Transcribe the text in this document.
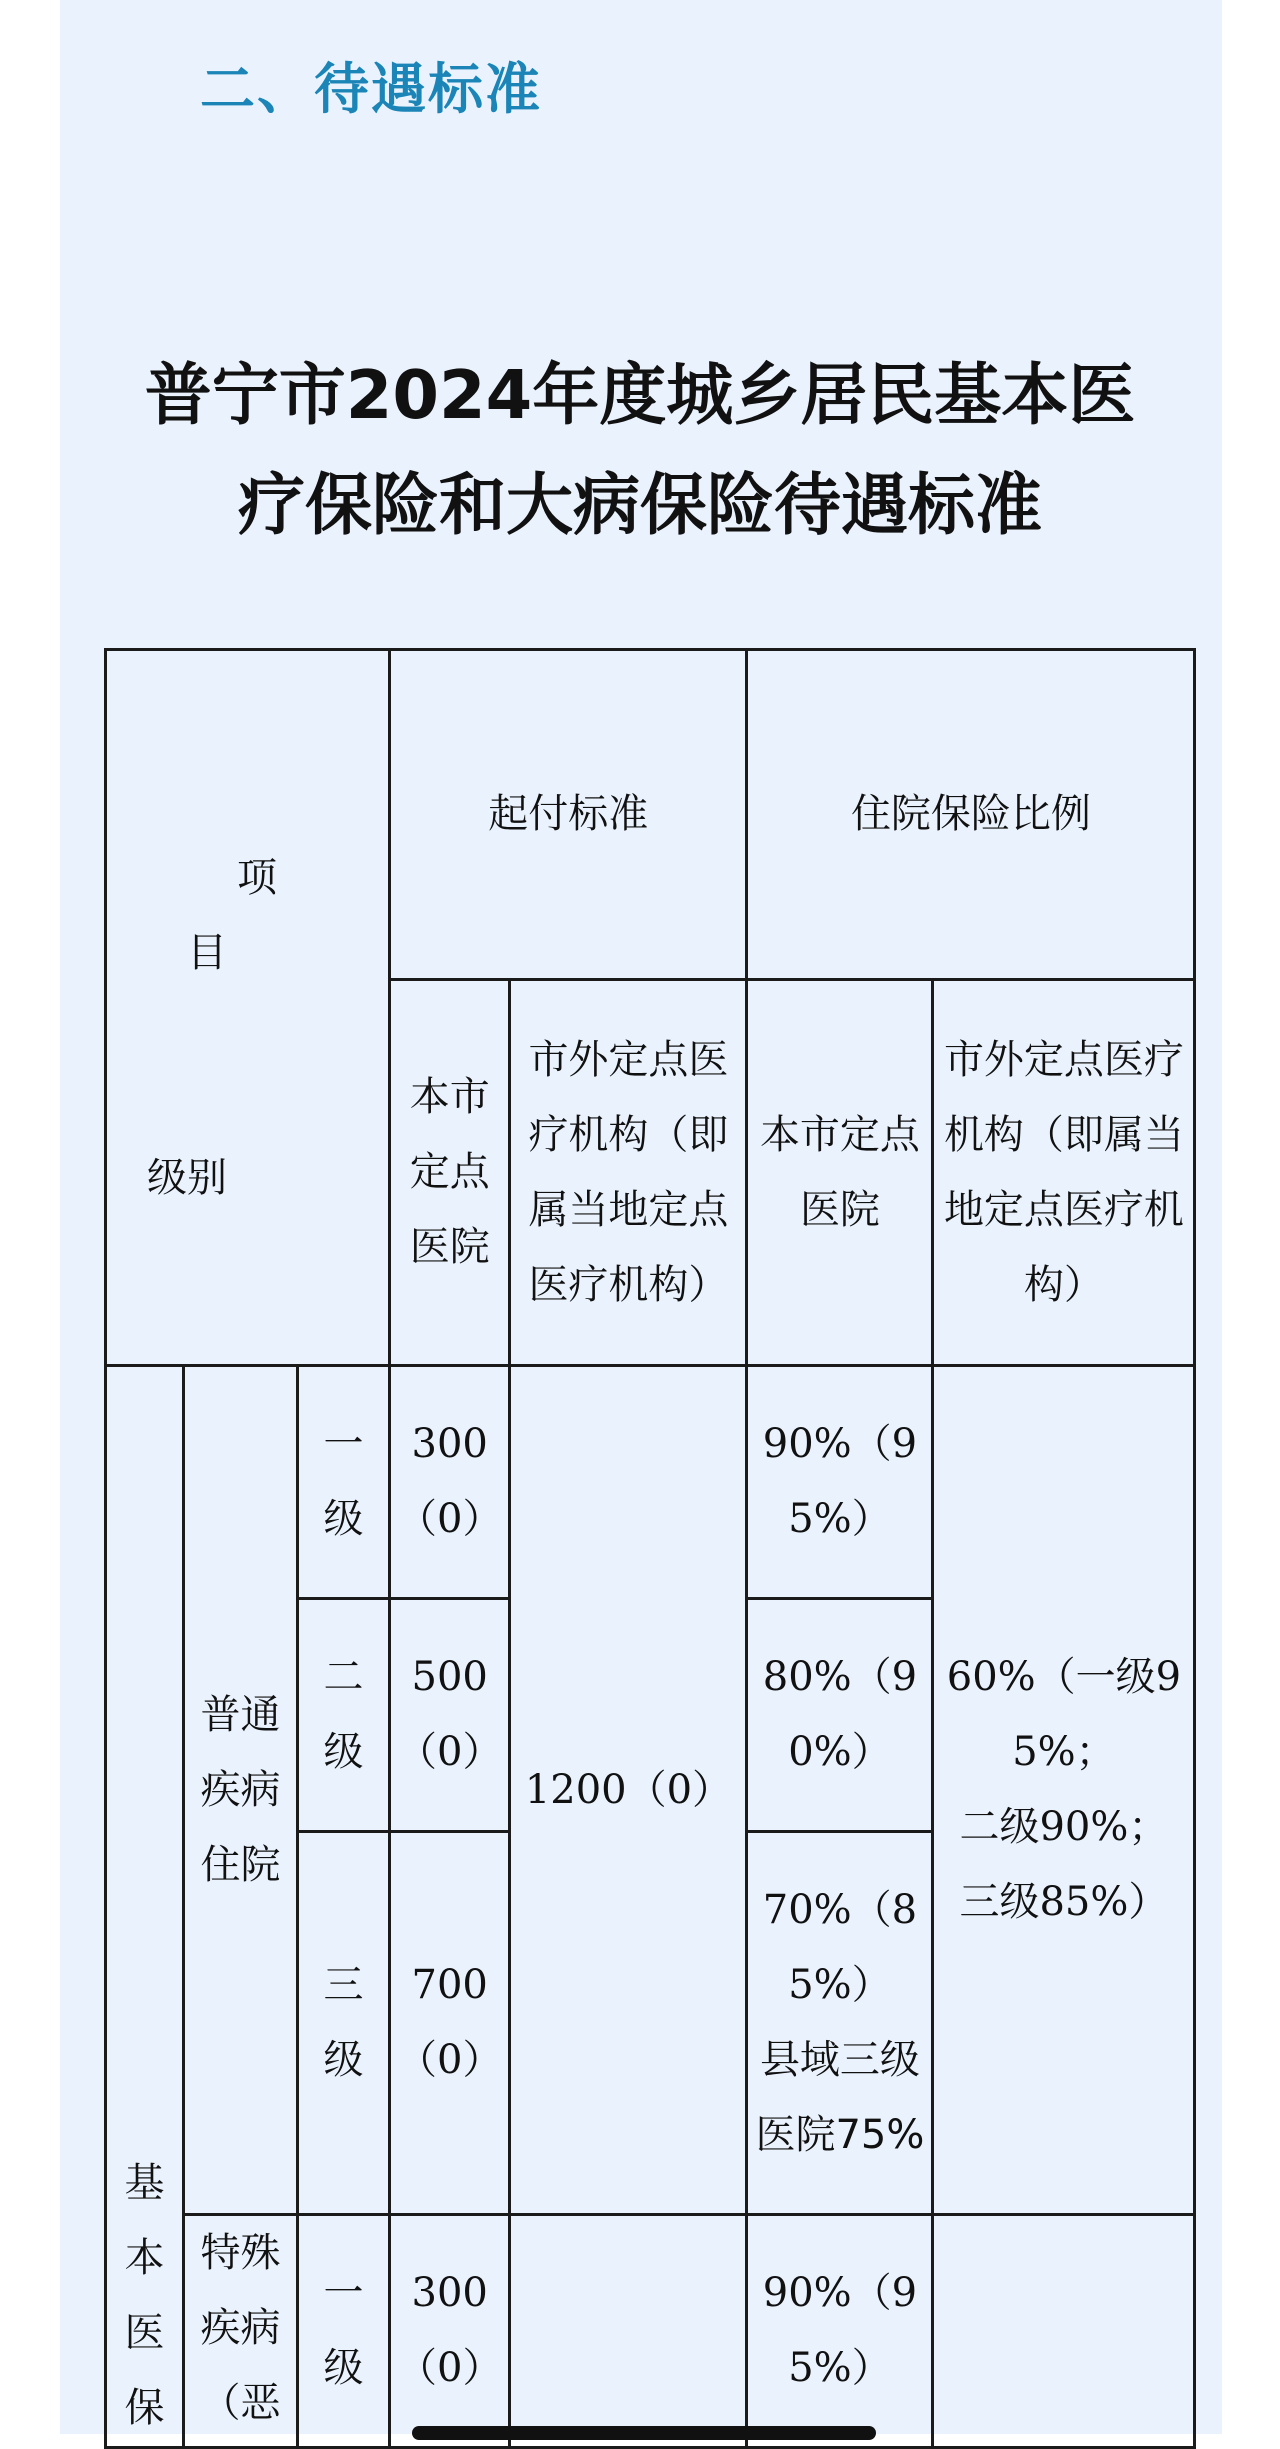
二、待遇标准
普宁市2024年度城乡居民基本医
疗保险和大病保险待遇标准
项
目
级别			起付标准		住院保险比例	
			本市定点医院	市外定点医疗机构（即属当地定点医疗机构）	本市定点医院	市外定点医疗机构（即属当地定点医疗机构）
基本医保	普通疾病住院	一级	300（0）	1200（0）	90%（95%）	60%（一级95%；
二级90%；
三级85%）
		二级	500（0）		80%（90%）	
		三级	700（0）		70%（85%）
县域三级医院75%	
	特殊疾病（恶	一级	300（0）		90%（95%）	
